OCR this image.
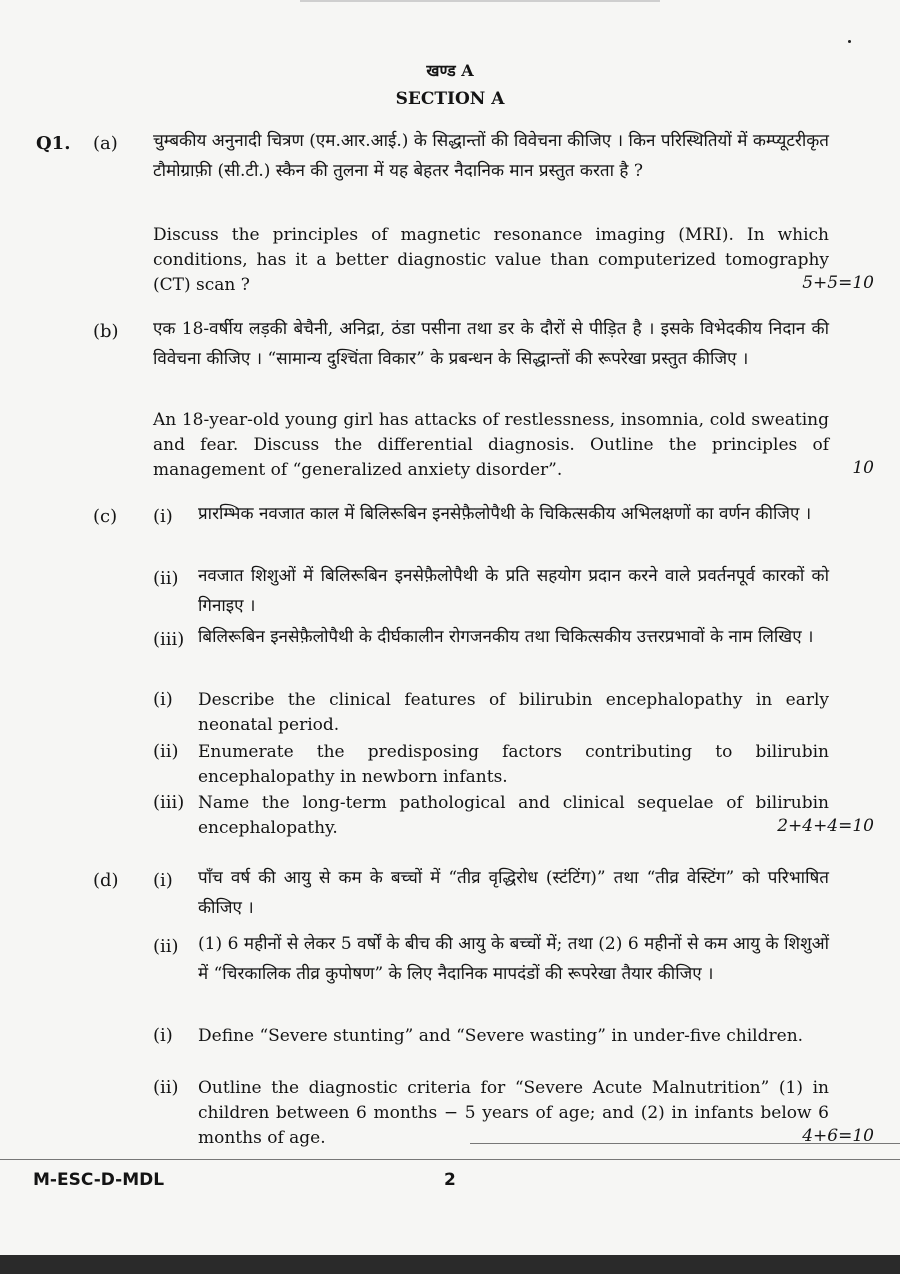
खण्ड A
SECTION A
Q1. (a) चुम्बकीय अनुनादी चित्रण (एम.आर.आई.) के सिद्धान्तों की विवेचना कीजिए । किन परिस्थितियों में कम्प्यूटरीकृत टौमोग्राफ़ी (सी.टी.) स्कैन की तुलना में यह बेहतर नैदानिक मान प्रस्तुत करता है ?
Discuss the principles of magnetic resonance imaging (MRI). In which conditions, has it a better diagnostic value than computerized tomography (CT) scan ?	5+5=10
(b) एक 18-वर्षीय लड़की बेचैनी, अनिद्रा, ठंडा पसीना तथा डर के दौरों से पीड़ित है । इसके विभेदकीय निदान की विवेचना कीजिए । “सामान्य दुश्चिंता विकार” के प्रबन्धन के सिद्धान्तों की रूपरेखा प्रस्तुत कीजिए ।
An 18-year-old young girl has attacks of restlessness, insomnia, cold sweating and fear. Discuss the differential diagnosis. Outline the principles of management of “generalized anxiety disorder”.	10
(c) (i) प्रारम्भिक नवजात काल में बिलिरूबिन इनसेफ़ैलोपैथी के चिकित्सकीय अभिलक्षणों का वर्णन कीजिए ।
(ii) नवजात शिशुओं में बिलिरूबिन इनसेफ़ैलोपैथी के प्रति सहयोग प्रदान करने वाले प्रवर्तनपूर्व कारकों को गिनाइए ।
(iii) बिलिरूबिन इनसेफ़ैलोपैथी के दीर्घकालीन रोगजनकीय तथा चिकित्सकीय उत्तरप्रभावों के नाम लिखिए ।
(i) Describe the clinical features of bilirubin encephalopathy in early neonatal period.
(ii) Enumerate the predisposing factors contributing to bilirubin encephalopathy in newborn infants.
(iii) Name the long-term pathological and clinical sequelae of bilirubin encephalopathy.	2+4+4=10
(d) (i) पाँच वर्ष की आयु से कम के बच्चों में “तीव्र वृद्धिरोध (स्टंटिंग)” तथा “तीव्र वेस्टिंग” को परिभाषित कीजिए ।
(ii) (1) 6 महीनों से लेकर 5 वर्षों के बीच की आयु के बच्चों में; तथा (2) 6 महीनों से कम आयु के शिशुओं में “चिरकालिक तीव्र कुपोषण” के लिए नैदानिक मापदंडों की रूपरेखा तैयार कीजिए ।
(i) Define “Severe stunting” and “Severe wasting” in under-five children.
(ii) Outline the diagnostic criteria for “Severe Acute Malnutrition” (1) in children between 6 months − 5 years of age; and (2) in infants below 6 months of age.	4+6=10
M-ESC-D-MDL	2
